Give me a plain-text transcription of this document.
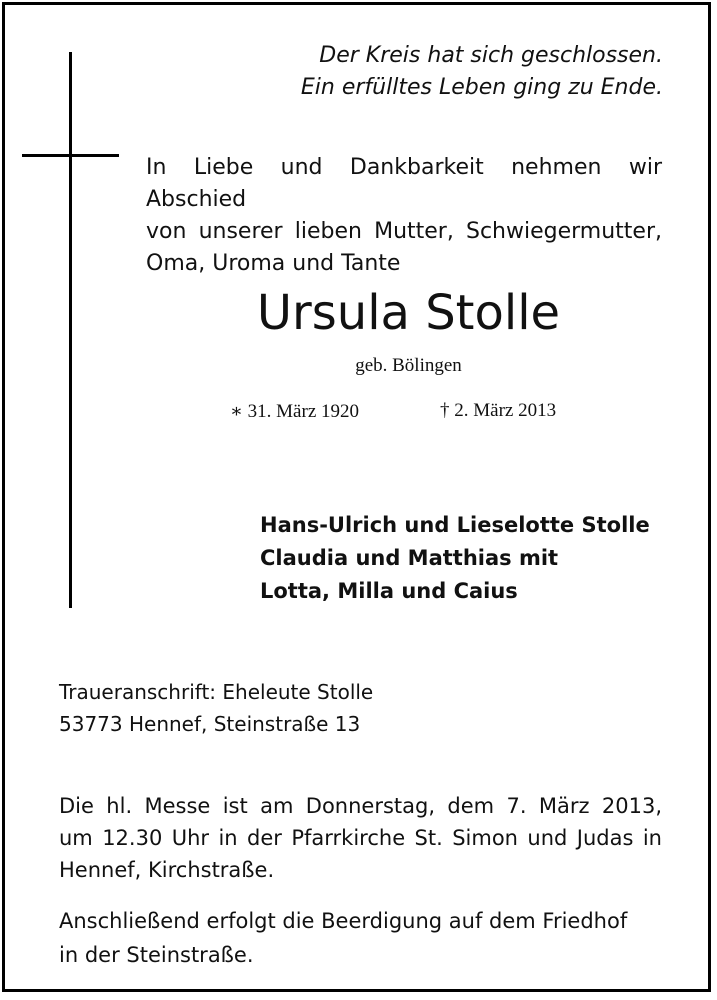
Der Kreis hat sich geschlossen.
Ein erfülltes Leben ging zu Ende.
In Liebe und Dankbarkeit nehmen wir Abschied
von unserer lieben Mutter, Schwiegermutter,
Oma, Uroma und Tante
Ursula Stolle
geb. Bölingen
∗ 31. März 1920	† 2. März 2013
Hans-Ulrich und Lieselotte Stolle
Claudia und Matthias mit
Lotta, Milla und Caius
Traueranschrift: Eheleute Stolle
53773 Hennef, Steinstraße 13
Die hl. Messe ist am Donnerstag, dem 7. März 2013,
um 12.30 Uhr in der Pfarrkirche St. Simon und Judas in
Hennef, Kirchstraße.
Anschließend erfolgt die Beerdigung auf dem Friedhof
in der Steinstraße.
